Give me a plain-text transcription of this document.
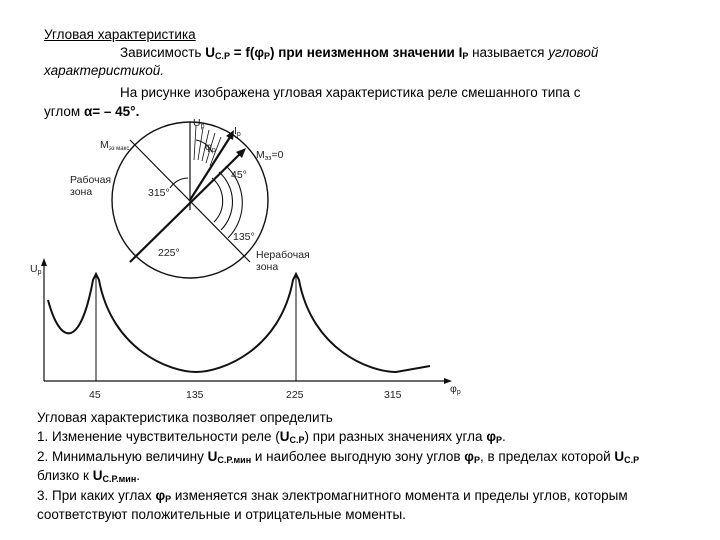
Угловая характеристика
Зависимость $U_{С.Р} = f(\varphi_Р)$ при неизменном значении $I_Р$ называется угловой
характеристикой.
На рисунке изображена угловая характеристика реле смешанного типа с
углом α= – 45°.
Uр	Iр
φр	Мэз=0
Мэз макс
45°
315°
225°
135°
Рабочая
зона
Нерабочая
зона
Uр
φр
45	135	225	315
Угловая характеристика позволяет определить
1. Изменение чувствительности реле $(U_{С.Р})$ при разных значениях угла $\varphi_Р$.
2. Минимальную величину $U_{С.Р.мин}$ и наиболее выгодную зону углов $\varphi_Р$, в пределах которой $U_{С.Р}$
близко к $U_{С.Р.мин}$.
3. При каких углах $\varphi_Р$ изменяется знак электромагнитного момента и пределы углов, которым
соответствуют положительные и отрицательные моменты.
